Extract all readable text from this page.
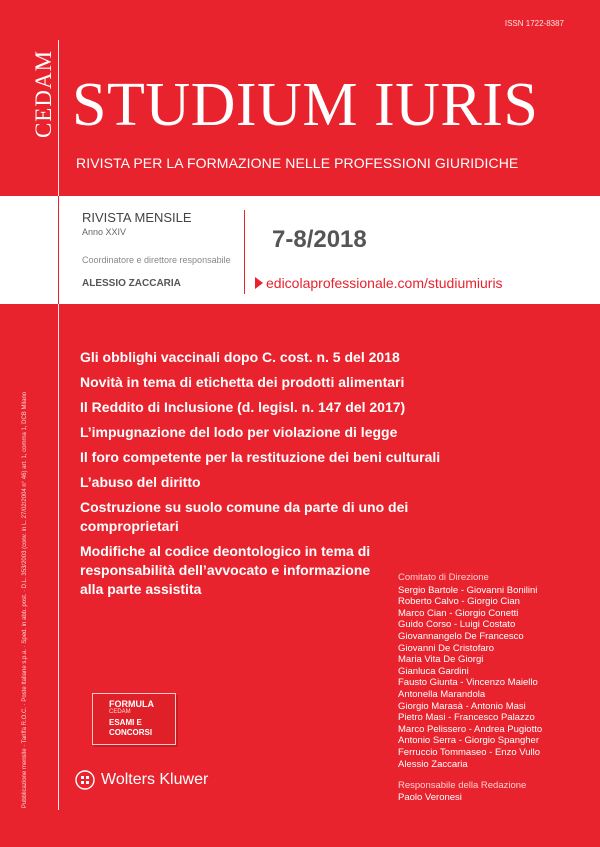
ISSN 1722-8387
CEDAM
Pubblicazione mensile · Tariffa R.O.C. · Poste Italiane s.p.a. · Sped. in abb. post. · D.L. 353/2003 (conv. in L. 27/02/2004 n° 46) art. 1, comma 1, DCB Milano
STUDIUM IURIS
RIVISTA PER LA FORMAZIONE NELLE PROFESSIONI GIURIDICHE
RIVISTA MENSILE
Anno XXIV
Coordinatore e direttore responsabile
ALESSIO ZACCARIA
7-8/2018
edicolaprofessionale.com/studiumiuris
Gli obblighi vaccinali dopo C. cost. n. 5 del 2018
Novità in tema di etichetta dei prodotti alimentari
Il Reddito di Inclusione (d. legisl. n. 147 del 2017)
L’impugnazione del lodo per violazione di legge
Il foro competente per la restituzione dei beni culturali
L’abuso del diritto
Costruzione su suolo comune da parte di uno dei comproprietari
Modifiche al codice deontologico in tema di responsabilità dell’avvocato e informazione alla parte assistita
Comitato di Direzione
Sergio Bartole - Giovanni Bonilini
Roberto Calvo - Giorgio Cian
Marco Cian - Giorgio Conetti
Guido Corso - Luigi Costato
Giovannangelo De Francesco
Giovanni De Cristofaro
Maria Vita De Giorgi
Gianluca Gardini
Fausto Giunta - Vincenzo Maiello
Antonella Marandola
Giorgio Marasà - Antonio Masi
Pietro Masi - Francesco Palazzo
Marco Pelissero - Andrea Pugiotto
Antonio Serra - Giorgio Spangher
Ferruccio Tommaseo - Enzo Vullo
Alessio Zaccaria
Responsabile della Redazione
Paolo Veronesi
FORMULA
CEDAM
ESAMI E
CONCORSI
Wolters Kluwer
